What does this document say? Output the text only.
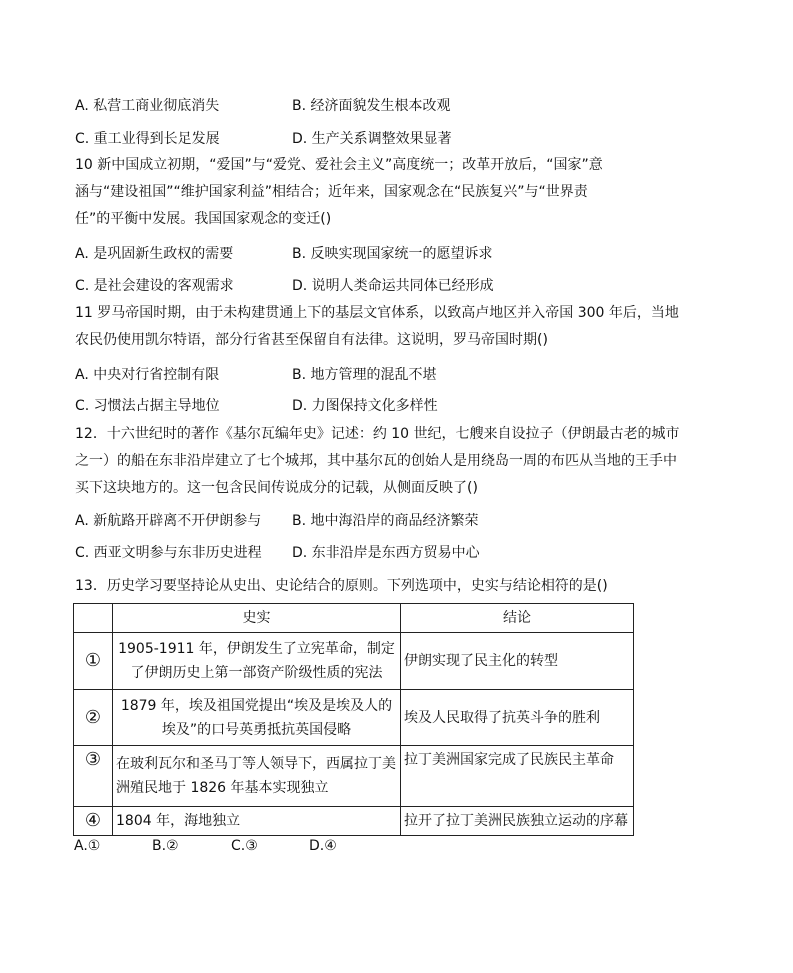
A. 私营工商业彻底消失	B. 经济面貌发生根本改观
C. 重工业得到长足发展	D. 生产关系调整效果显著
10 新中国成立初期，“爱国”与“爱党、爱社会主义”高度统一；改革开放后，“国家”意
涵与“建设祖国”“维护国家利益”相结合；近年来，国家观念在“民族复兴”与“世界责
任”的平衡中发展。我国国家观念的变迁()
A. 是巩固新生政权的需要	B. 反映实现国家统一的愿望诉求
C. 是社会建设的客观需求	D. 说明人类命运共同体已经形成
11 罗马帝国时期，由于未构建贯通上下的基层文官体系，以致高卢地区并入帝国 300 年后，当地
农民仍使用凯尔特语，部分行省甚至保留自有法律。这说明，罗马帝国时期()
A. 中央对行省控制有限	B. 地方管理的混乱不堪
C. 习惯法占据主导地位	D. 力图保持文化多样性
12．十六世纪时的著作《基尔瓦编年史》记述：约 10 世纪，七艘来自设拉子（伊朗最古老的城市
之一）的船在东非沿岸建立了七个城邦，其中基尔瓦的创始人是用绕岛一周的布匹从当地的王手中
买下这块地方的。这一包含民间传说成分的记载，从侧面反映了()
A. 新航路开辟离不开伊朗参与 B. 地中海沿岸的商品经济繁荣
C. 西亚文明参与东非历史进程 D. 东非沿岸是东西方贸易中心
13．历史学习要坚持论从史出、史论结合的原则。下列选项中，史实与结论相符的是()
	史实	结论
①	1905-1911 年，伊朗发生了立宪革命，制定了伊朗历史上第一部资产阶级性质的宪法	伊朗实现了民主化的转型
②	1879 年，埃及祖国党提出“埃及是埃及人的埃及”的口号英勇抵抗英国侵略	埃及人民取得了抗英斗争的胜利
③	在玻利瓦尔和圣马丁等人领导下，西属拉丁美洲殖民地于 1826 年基本实现独立	拉丁美洲国家完成了民族民主革命
④	1804 年，海地独立	拉开了拉丁美洲民族独立运动的序幕
A.①	B.②	C.③	D.④
